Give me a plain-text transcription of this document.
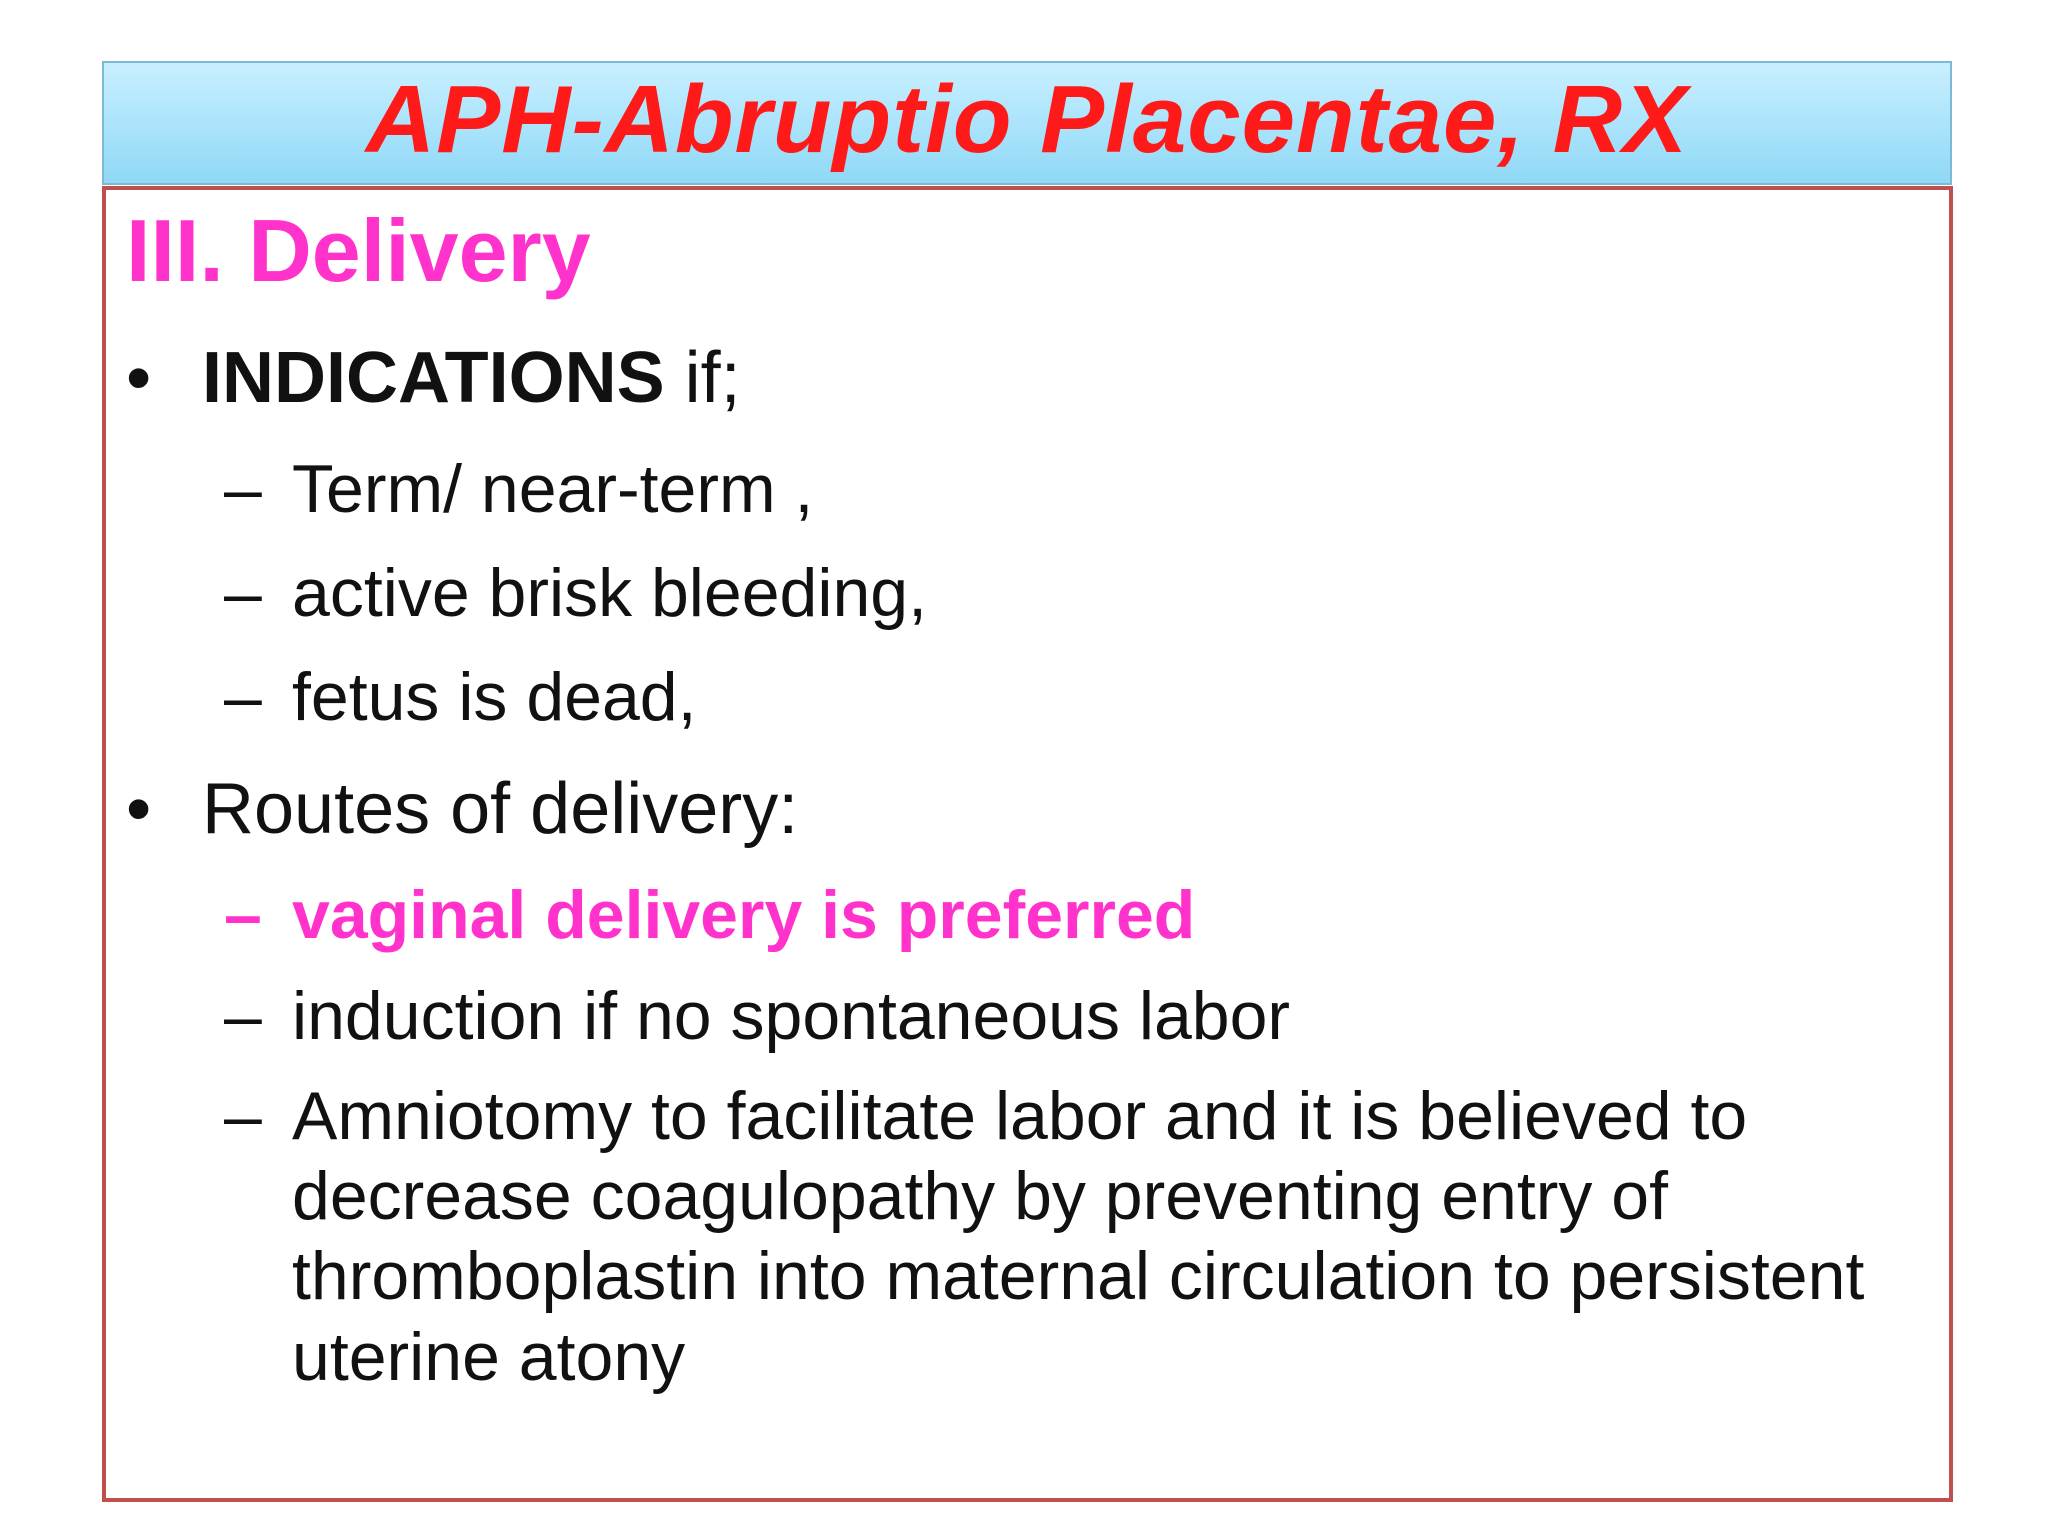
APH-Abruptio Placentae, RX
III. Delivery
• INDICATIONS if;
– Term/ near-term ,
– active brisk bleeding,
– fetus is dead,
• Routes of delivery:
– vaginal delivery is preferred
– induction if no spontaneous labor
– Amniotomy to facilitate labor and it is believed to decrease coagulopathy by preventing entry of thromboplastin into maternal circulation to persistent uterine atony
